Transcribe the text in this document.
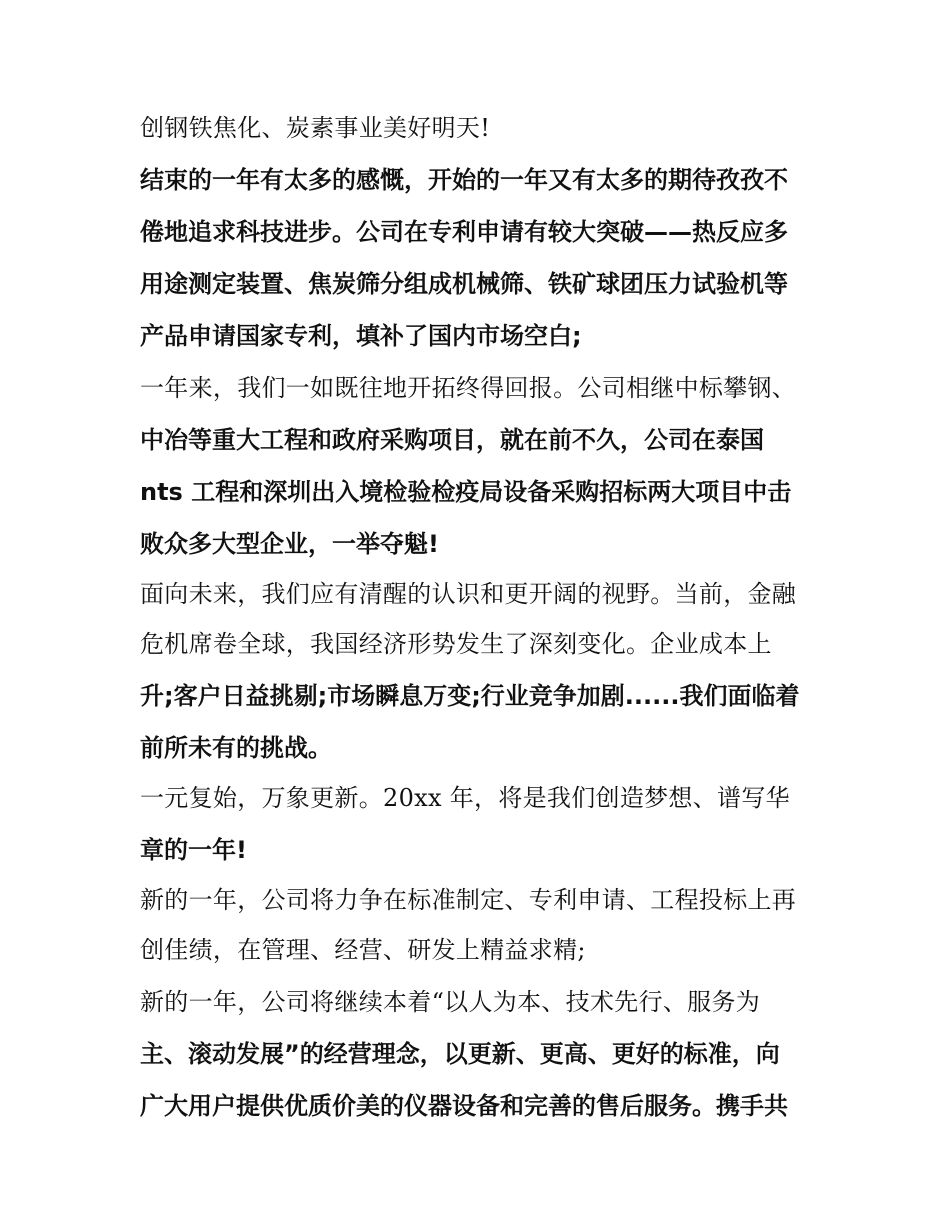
创钢铁焦化、炭素事业美好明天!
结束的一年有太多的感慨，开始的一年又有太多的期待孜孜不
倦地追求科技进步。公司在专利申请有较大突破——热反应多
用途测定装置、焦炭筛分组成机械筛、铁矿球团压力试验机等
产品申请国家专利，填补了国内市场空白;
一年来，我们一如既往地开拓终得回报。公司相继中标攀钢、
中冶等重大工程和政府采购项目，就在前不久，公司在泰国
nts 工程和深圳出入境检验检疫局设备采购招标两大项目中击
败众多大型企业，一举夺魁!
面向未来，我们应有清醒的认识和更开阔的视野。当前，金融
危机席卷全球，我国经济形势发生了深刻变化。企业成本上
升;客户日益挑剔;市场瞬息万变;行业竞争加剧......我们面临着
前所未有的挑战。
一元复始，万象更新。20xx 年，将是我们创造梦想、谱写华
章的一年!
新的一年，公司将力争在标准制定、专利申请、工程投标上再
创佳绩，在管理、经营、研发上精益求精;
新的一年，公司将继续本着“以人为本、技术先行、服务为
主、滚动发展”的经营理念，以更新、更高、更好的标准，向
广大用户提供优质价美的仪器设备和完善的售后服务。携手共
